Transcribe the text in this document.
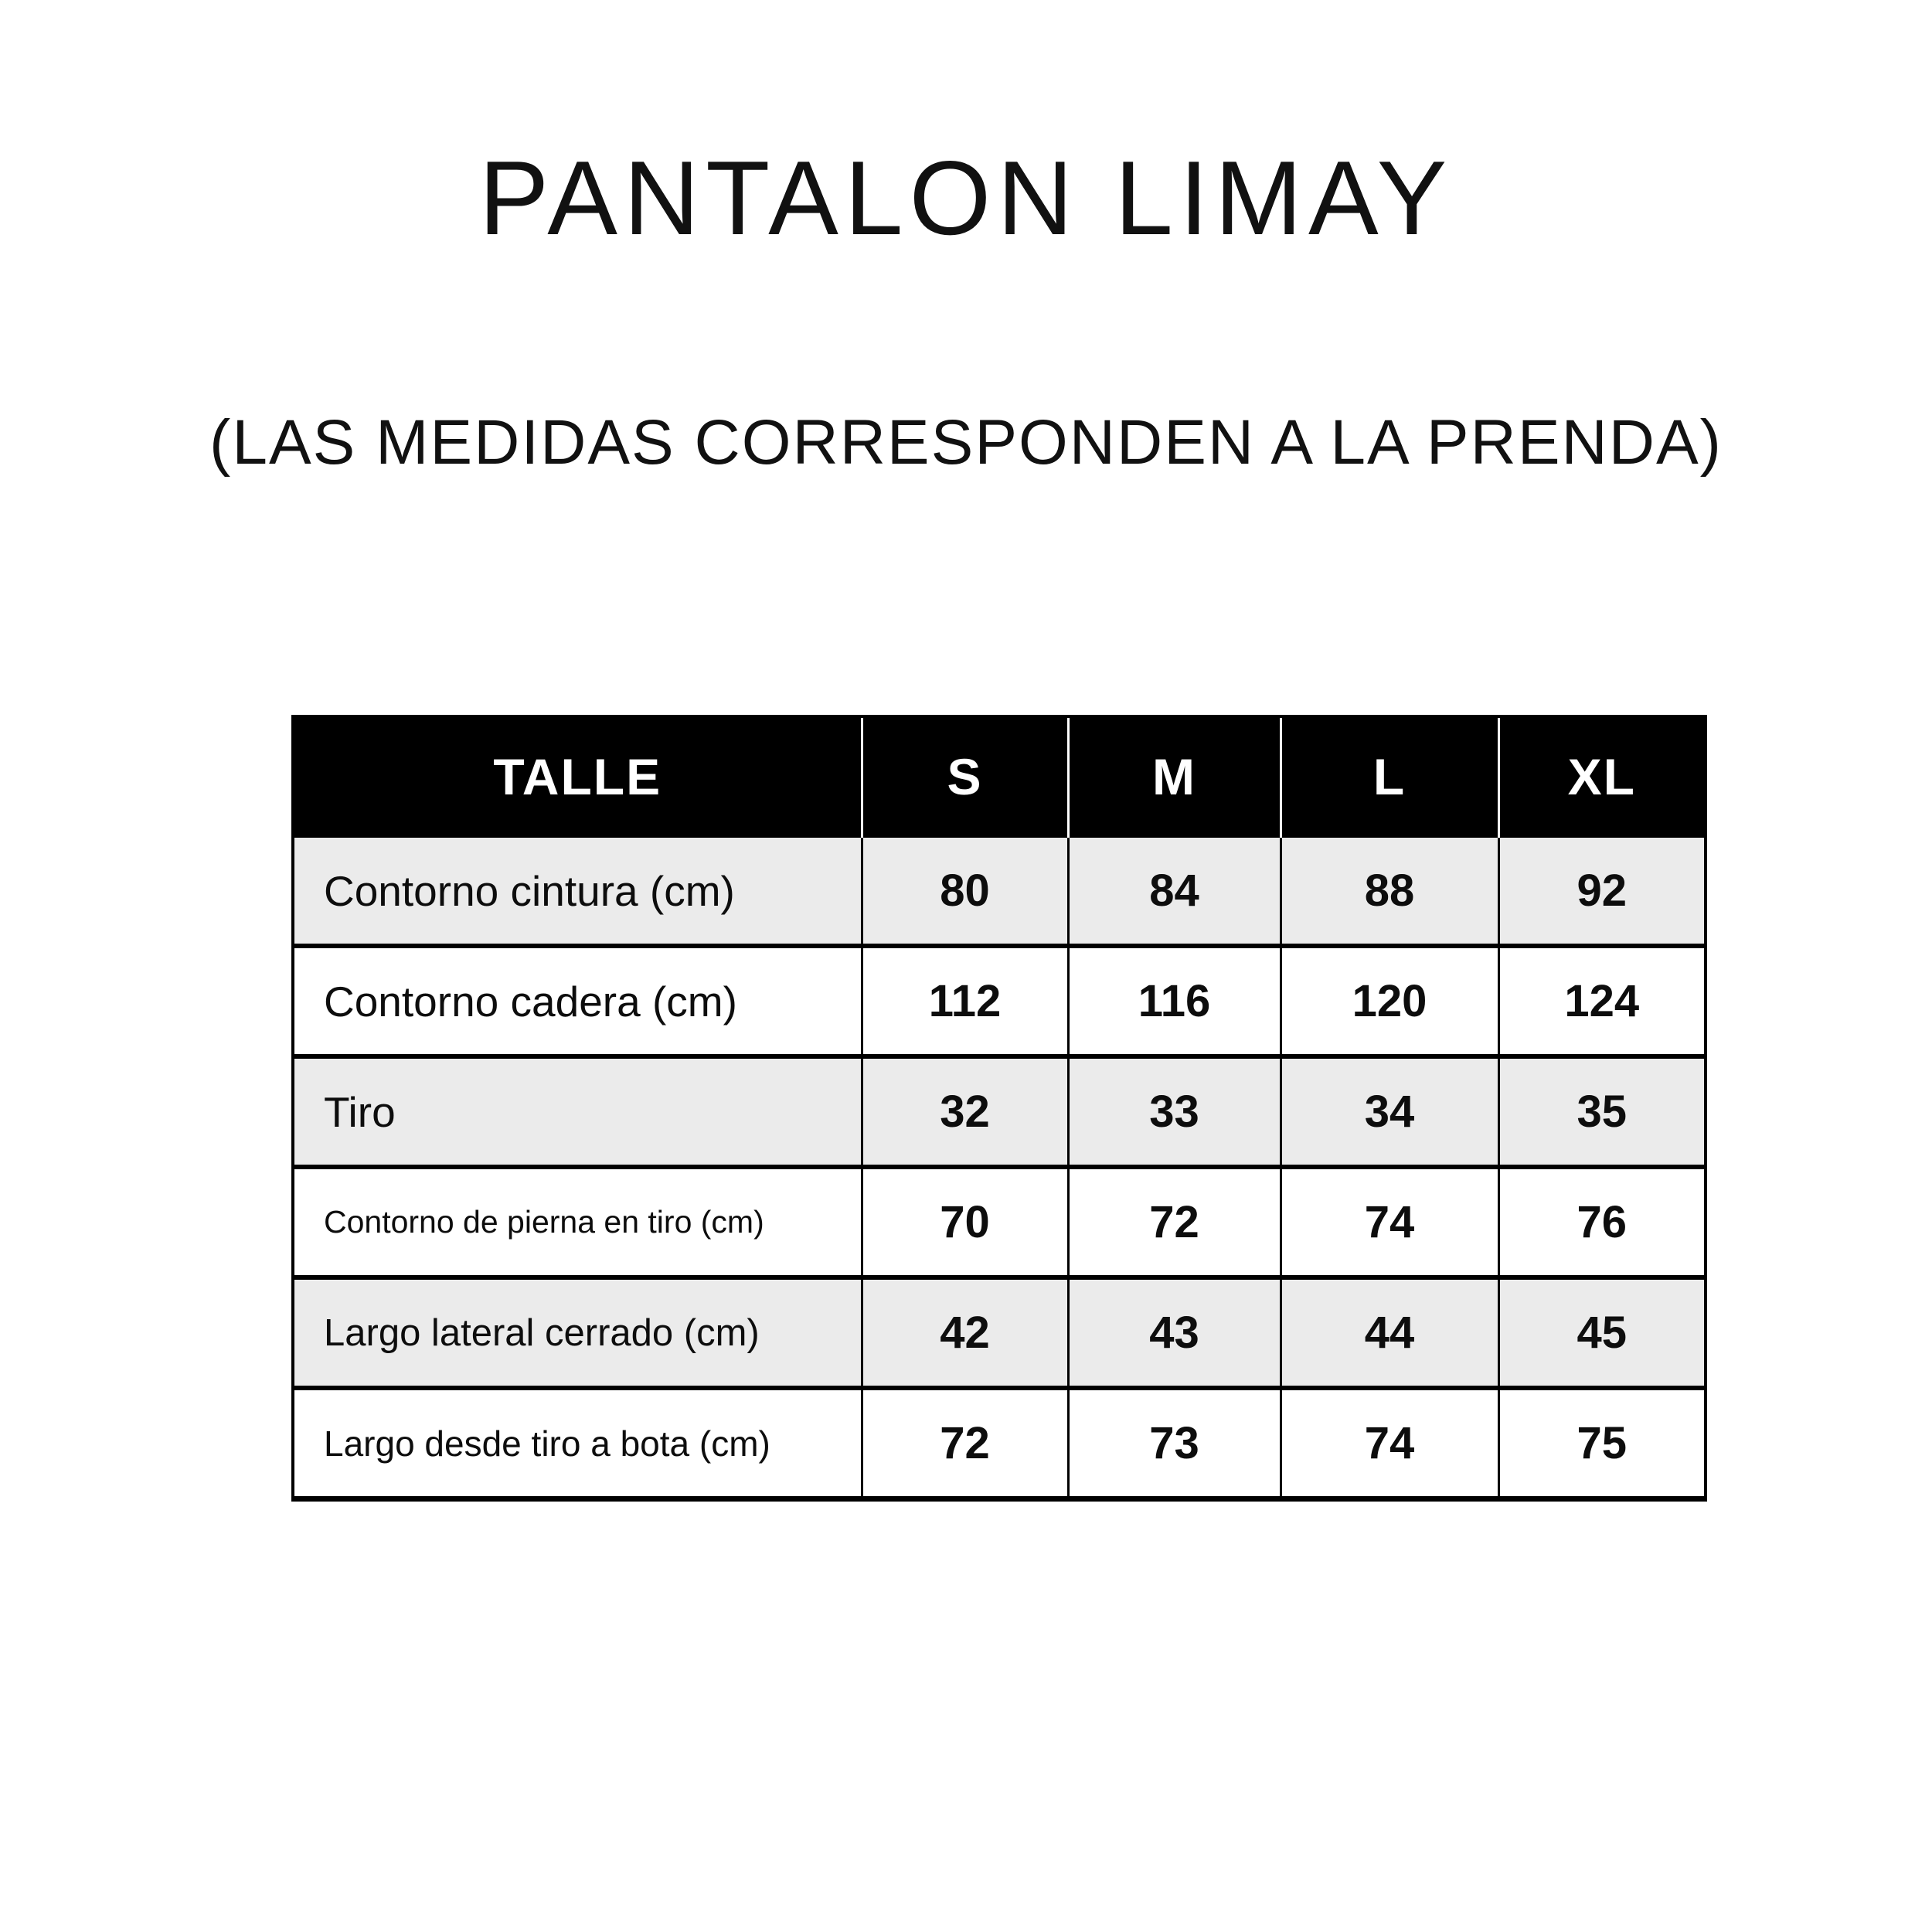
PANTALON LIMAY
(LAS MEDIDAS CORRESPONDEN A LA PRENDA)
TALLE	S	M	L	XL
Contorno cintura (cm)	80	84	88	92
Contorno cadera (cm)	112	116	120	124
Tiro	32	33	34	35
Contorno de pierna en tiro (cm)	70	72	74	76
Largo lateral cerrado (cm)	42	43	44	45
Largo desde tiro a bota (cm)	72	73	74	75
